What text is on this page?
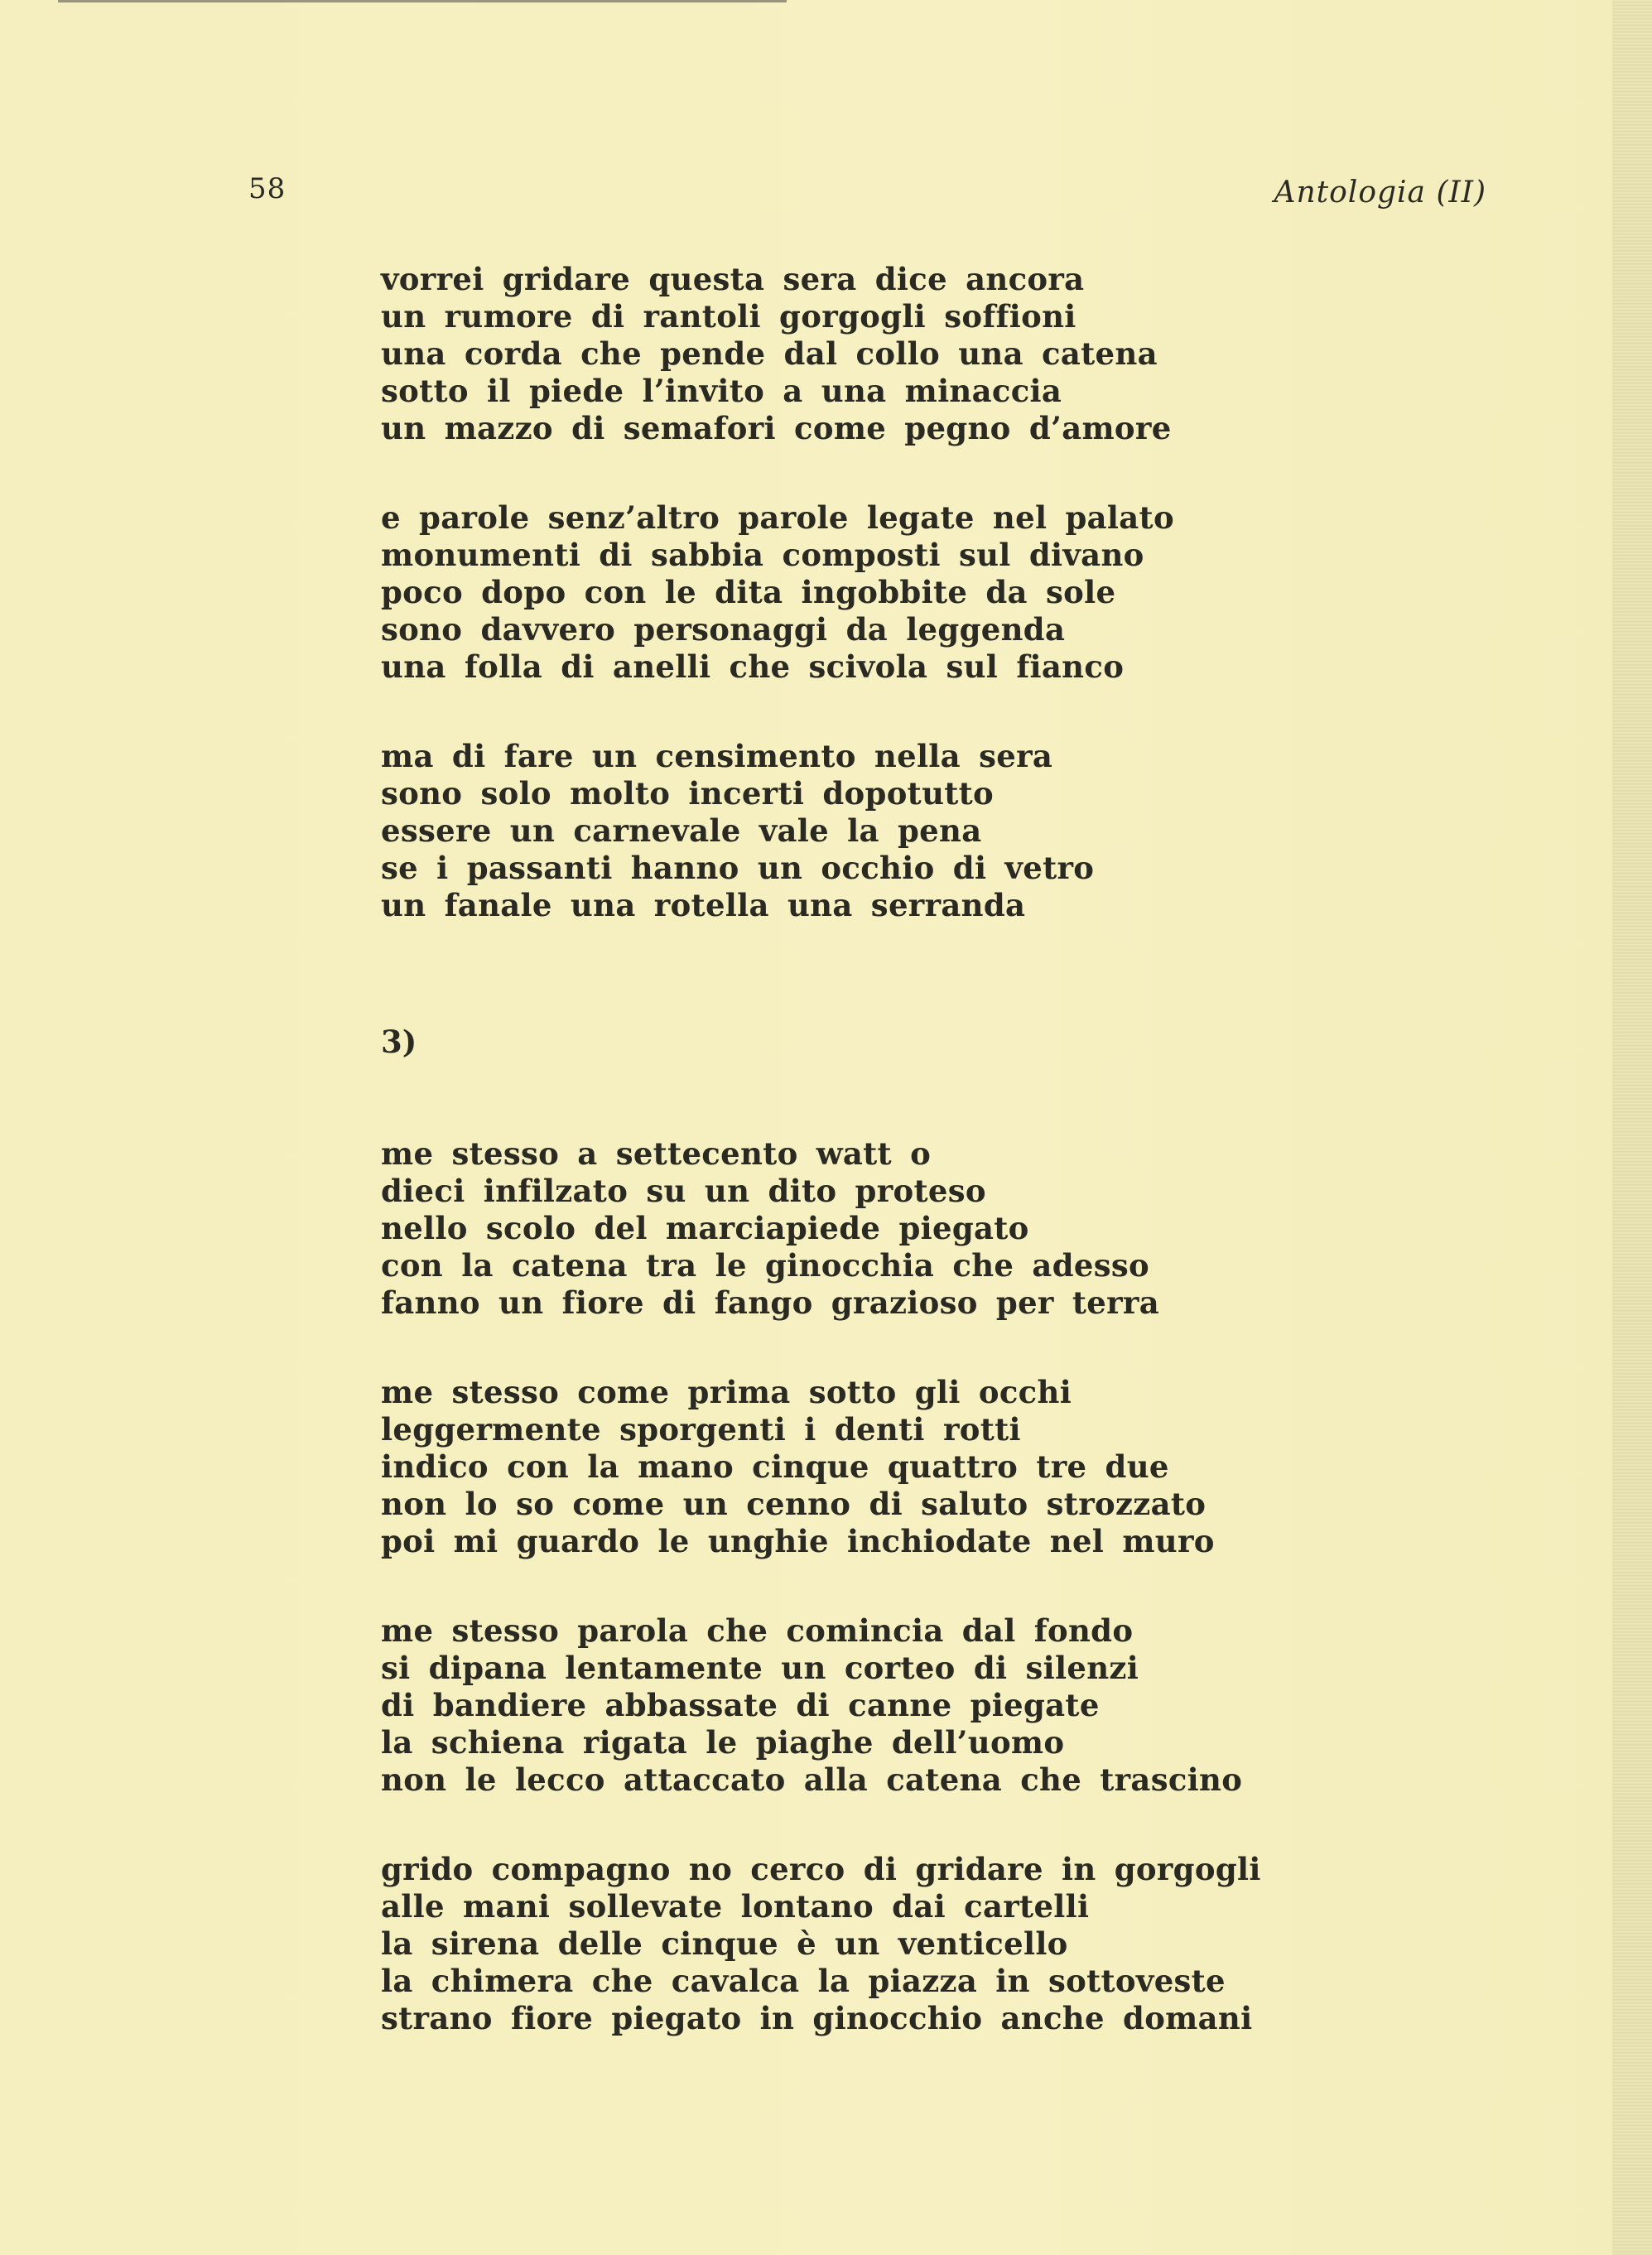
58	Antologia (II)
vorrei gridare questa sera dice ancora
un rumore di rantoli gorgogli soffioni
una corda che pende dal collo una catena
sotto il piede l’invito a una minaccia
un mazzo di semafori come pegno d’amore
e parole senz’altro parole legate nel palato
monumenti di sabbia composti sul divano
poco dopo con le dita ingobbite da sole
sono davvero personaggi da leggenda
una folla di anelli che scivola sul fianco
ma di fare un censimento nella sera
sono solo molto incerti dopotutto
essere un carnevale vale la pena
se i passanti hanno un occhio di vetro
un fanale una rotella una serranda
3)
me stesso a settecento watt o
dieci infilzato su un dito proteso
nello scolo del marciapiede piegato
con la catena tra le ginocchia che adesso
fanno un fiore di fango grazioso per terra
me stesso come prima sotto gli occhi
leggermente sporgenti i denti rotti
indico con la mano cinque quattro tre due
non lo so come un cenno di saluto strozzato
poi mi guardo le unghie inchiodate nel muro
me stesso parola che comincia dal fondo
si dipana lentamente un corteo di silenzi
di bandiere abbassate di canne piegate
la schiena rigata le piaghe dell’uomo
non le lecco attaccato alla catena che trascino
grido compagno no cerco di gridare in gorgogli
alle mani sollevate lontano dai cartelli
la sirena delle cinque è un venticello
la chimera che cavalca la piazza in sottoveste
strano fiore piegato in ginocchio anche domani
